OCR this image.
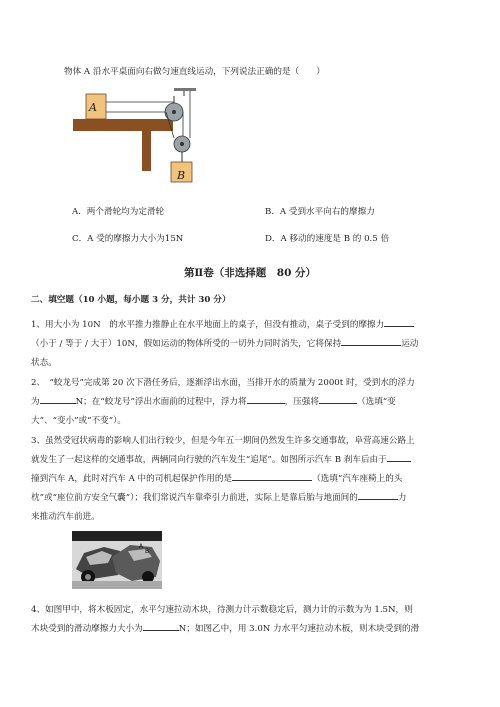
物体 A 沿水平桌面向右做匀速直线运动，下列说法正确的是（　　）
A
B
A．两个滑轮均为定滑轮	B．A 受到水平向右的摩擦力
C．A 受的摩擦力大小为15N	D．A 移动的速度是 B 的 0.5 倍
第Ⅱ卷（非选择题　80 分）
二、填空题（10 小题，每小题 3 分，共计 30 分）
1、用大小为 10N　的水平推力推静止在水平地面上的桌子，但没有推动，桌子受到的摩擦力
（小于 / 等于 / 大于）10N，假如运动的物体所受的一切外力同时消失，它将保持	运动
状态。
2、　“蛟龙号”完成第 20 次下潜任务后，逐渐浮出水面，当排开水的质量为 2000t 时，受到水的浮力
为	N；在“蛟龙号”浮出水面前的过程中，浮力将	，压强将	（选填“变
大”、“变小”或“不变”）。
3、虽然受冠状病毒的影响人们出行较少，但是今年五一期间仍然发生许多交通事故，阜营高速公路上
就发生了一起这样的交通事故，两辆同向行驶的汽车发生“追尾”。如图所示汽车 B 刹车后由于
撞到汽车 A，此时对汽车 A 中的司机起保护作用的是	（选填“汽车座椅上的头
枕”或“座位前方安全气囊”）；我们常说汽车靠牵引力前进，实际上是靠后胎与地面间的	力
来推动汽车前进。
A
B
4、如图甲中，将木板固定，水平匀速拉动木块，待测力计示数稳定后，测力计的示数为为 1.5N，则
木块受到的滑动摩擦力大小为	N；如图乙中，用 3.0N 力水平匀速拉动木板，则木块受到的滑
